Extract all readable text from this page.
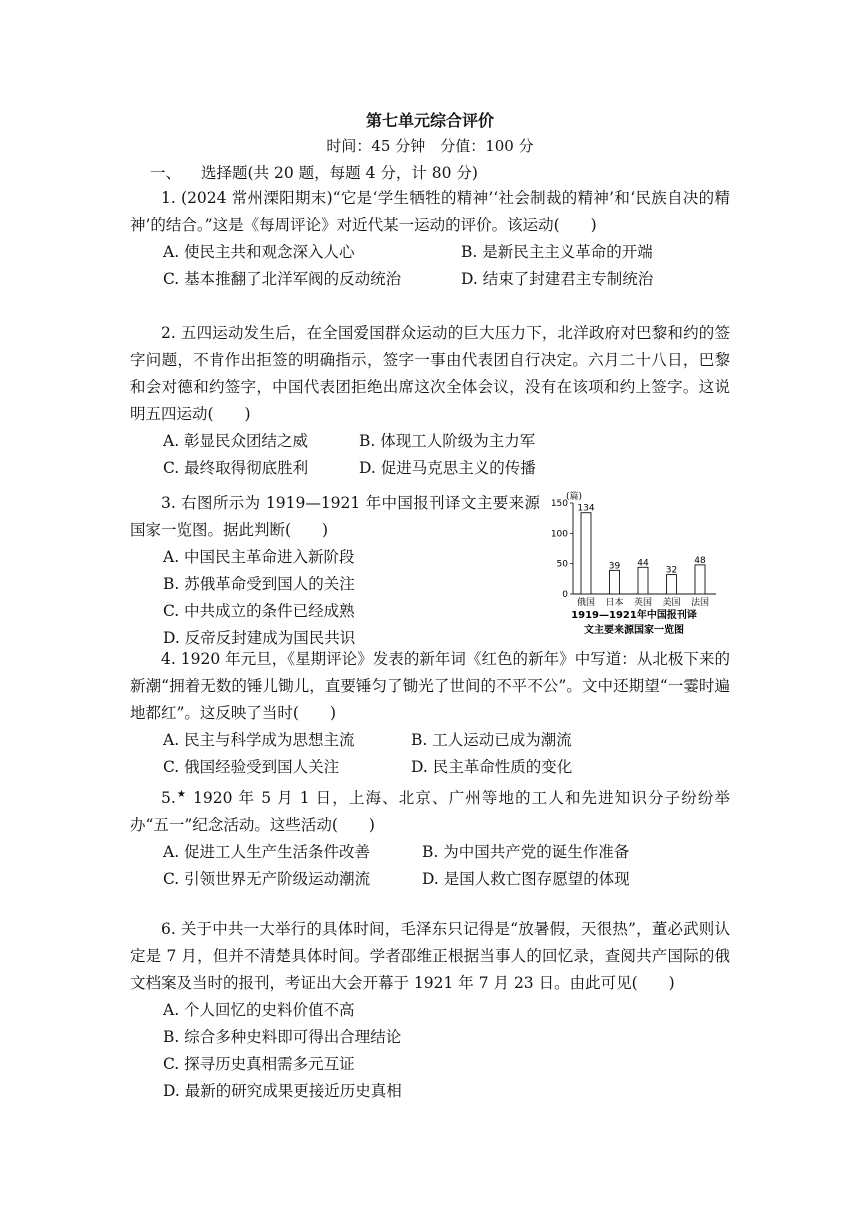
第七单元综合评价
时间：45 分钟　分值：100 分
一、 选择题(共 20 题，每题 4 分，计 80 分)

1. (2024 常州溧阳期末)“它是‘学生牺牲的精神’‘社会制裁的精神’和‘民族自决的精神’的结合。”这是《每周评论》对近代某一运动的评价。该运动(　　)

A. 使民主共和观念深入人心	B. 是新民主主义革命的开端
C. 基本推翻了北洋军阀的反动统治	D. 结束了封建君主专制统治

2. 五四运动发生后，在全国爱国群众运动的巨大压力下，北洋政府对巴黎和约的签字问题，不肯作出拒签的明确指示，签字一事由代表团自行决定。六月二十八日，巴黎和会对德和约签字，中国代表团拒绝出席这次全体会议，没有在该项和约上签字。这说明五四运动(　　)

A. 彰显民众团结之威	B. 体现工人阶级为主力军
C. 最终取得彻底胜利	D. 促进马克思主义的传播

3. 右图所示为 1919—1921 年中国报刊译文主要来源国家一览图。据此判断(　　)

A. 中国民主革命进入新阶段
B. 苏俄革命受到国人的关注
C. 中共成立的条件已经成熟
D. 反帝反封建成为国民共识
(篇)
0
50
100
150 134
俄国
39
日本
44
英国
32
美国
48
法国
1919—1921年中国报刊译
文主要来源国家一览图

4. 1920 年元旦，《星期评论》发表的新年词《红色的新年》中写道：从北极下来的新潮“拥着无数的锤儿锄儿，直要锤匀了锄光了世间的不平不公”。文中还期望“一霎时遍地都红”。这反映了当时(　　)

A. 民主与科学成为思想主流	B. 工人运动已成为潮流
C. 俄国经验受到国人关注	D. 民主革命性质的变化

5.★ 1920 年 5 月 1 日，上海、北京、广州等地的工人和先进知识分子纷纷举办“五一”纪念活动。这些活动(　　)

A. 促进工人生产生活条件改善	B. 为中国共产党的诞生作准备
C. 引领世界无产阶级运动潮流	D. 是国人救亡图存愿望的体现

6. 关于中共一大举行的具体时间，毛泽东只记得是“放暑假，天很热”，董必武则认定是 7 月，但并不清楚具体时间。学者邵维正根据当事人的回忆录，查阅共产国际的俄文档案及当时的报刊，考证出大会开幕于 1921 年 7 月 23 日。由此可见(　　)

A. 个人回忆的史料价值不高
B. 综合多种史料即可得出合理结论
C. 探寻历史真相需多元互证
D. 最新的研究成果更接近历史真相
